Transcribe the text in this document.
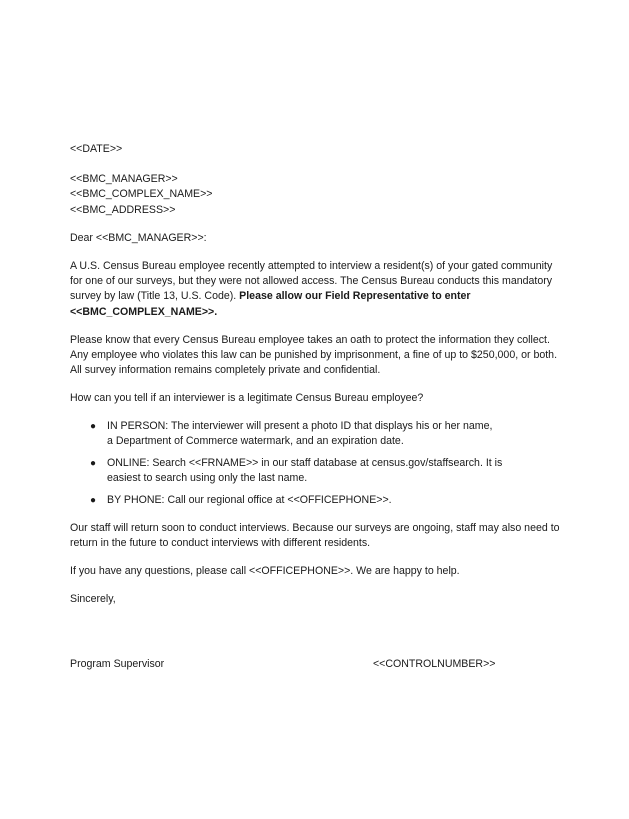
<<DATE>>
<<BMC_MANAGER>>
<<BMC_COMPLEX_NAME>>
<<BMC_ADDRESS>>

Dear <<BMC_MANAGER>>:

A U.S. Census Bureau employee recently attempted to interview a resident(s) of your gated community for one of our surveys, but they were not allowed access. The Census Bureau conducts this mandatory survey by law (Title 13, U.S. Code). Please allow our Field Representative to enter <<BMC_COMPLEX_NAME>>.

Please know that every Census Bureau employee takes an oath to protect the information they collect. Any employee who violates this law can be punished by imprisonment, a fine of up to $250,000, or both. All survey information remains completely private and confidential.

How can you tell if an interviewer is a legitimate Census Bureau employee?

● IN PERSON: The interviewer will present a photo ID that displays his or her name,
a Department of Commerce watermark, and an expiration date.
● ONLINE: Search <<FRNAME>> in our staff database at census.gov/staffsearch. It is
easiest to search using only the last name.
● BY PHONE: Call our regional office at <<OFFICEPHONE>>.

Our staff will return soon to conduct interviews. Because our surveys are ongoing, staff may also need to return in the future to conduct interviews with different residents.

If you have any questions, please call <<OFFICEPHONE>>. We are happy to help.

Sincerely,

Program Supervisor	<<CONTROLNUMBER>>
